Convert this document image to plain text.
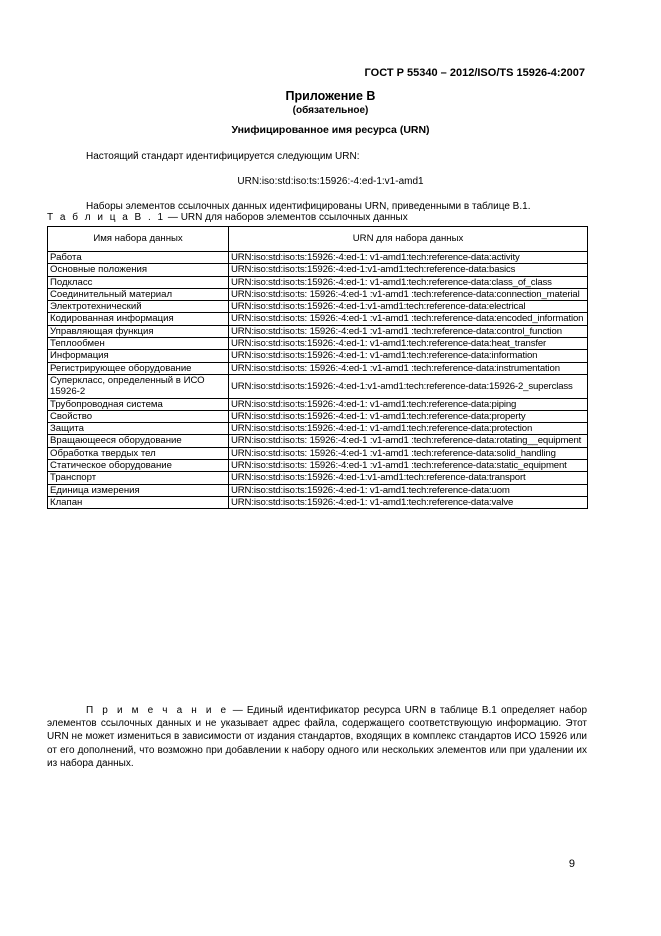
ГОСТ Р 55340 – 2012/ISO/TS 15926-4:2007
Приложение В
(обязательное)
Унифицированное имя ресурса (URN)
Настоящий стандарт идентифицируется следующим URN:
URN:iso:std:iso:ts:15926:-4:ed-1:v1-amd1
Наборы элементов ссылочных данных идентифицированы URN, приведенными в таблице В.1.
Т а б л и ц а В . 1 — URN для наборов элементов ссылочных данных
Имя набора данных	URN для набора данных
Работа	URN:iso:std:iso:ts:15926:-4:ed-1: v1-amd1:tech:reference-data:activity
Основные положения	URN:iso:std:iso:ts:15926:-4:ed-1:v1-amd1:tech:reference-data:basics
Подкласс	URN:iso:std:iso:ts:15926:-4:ed-1: v1-amd1:tech:reference-data:class_of_class
Соединительный материал	URN:iso:std:iso:ts: 15926:-4:ed-1 :v1-amd1 :tech:reference-data:connection_material
Электротехнический	URN:iso:std:iso:ts:15926:-4:ed-1:v1-amd1:tech:reference-data:electrical
Кодированная информация	URN:iso:std:iso:ts: 15926:-4:ed-1 :v1-amd1 :tech:reference-data:encoded_information
Управляющая функция	URN:iso:std:iso:ts: 15926:-4:ed-1 :v1-amd1 :tech:reference-data:control_function
Теплообмен	URN:iso:std:iso:ts:15926:-4:ed-1: v1-amd1:tech:reference-data:heat_transfer
Информация	URN:iso:std:iso:ts:15926:-4:ed-1: v1-amd1:tech:reference-data:information
Регистрирующее оборудование	URN:iso:std:iso:ts: 15926:-4:ed-1 :v1-amd1 :tech:reference-data:instrumentation
Суперкласс, определенный в ИСО 15926-2	URN:iso:std:iso:ts:15926:-4:ed-1:v1-amd1:tech:reference-data:15926-2_superclass
Трубопроводная система	URN:iso:std:iso:ts:15926:-4:ed-1: v1-amd1:tech:reference-data:piping
Свойство	URN:iso:std:iso:ts:15926:-4:ed-1: v1-amd1:tech:reference-data:property
Защита	URN:iso:std:iso:ts:15926:-4:ed-1: v1-amd1:tech:reference-data:protection
Вращающееся оборудование	URN:iso:std:iso:ts: 15926:-4:ed-1 :v1-amd1 :tech:reference-data:rotating__equipment
Обработка твердых тел	URN:iso:std:iso:ts: 15926:-4:ed-1 :v1-amd1 :tech:reference-data:solid_handling
Статическое оборудование	URN:iso:std:iso:ts: 15926:-4:ed-1 :v1-amd1 :tech:reference-data:static_equipment
Транспорт	URN:iso:std:iso:ts:15926:-4:ed-1:v1-amd1:tech:reference-data:transport
Единица измерения	URN:iso:std:iso:ts:15926:-4:ed-1: v1-amd1:tech:reference-data:uom
Клапан	URN:iso:std:iso:ts:15926:-4:ed-1: v1-amd1:tech:reference-data:valve
П р и м е ч а н и е — Единый идентификатор ресурса URN в таблице В.1 определяет набор элементов ссылочных данных и не указывает адрес файла, содержащего соответствующую информацию. Этот URN не может измениться в зависимости от издания стандартов, входящих в комплекс стандартов ИСО 15926 или от его дополнений, что возможно при добавлении к набору одного или нескольких элементов или при удалении их из набора данных.
9
